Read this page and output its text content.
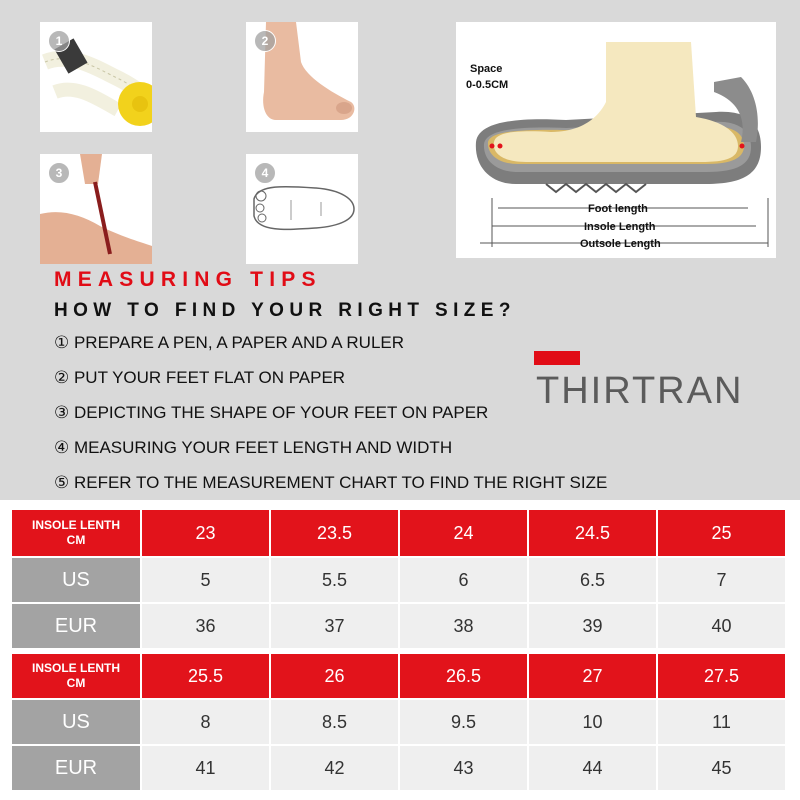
1	2
3	4
Space
0-0.5CM
Foot length
Insole Length
Outsole Length
MEASURING TIPS
HOW TO FIND YOUR RIGHT SIZE?
① PREPARE A PEN, A PAPER AND A RULER
② PUT YOUR FEET FLAT ON PAPER
③ DEPICTING THE SHAPE OF YOUR FEET ON PAPER
④ MEASURING YOUR FEET LENGTH AND WIDTH
⑤ REFER TO THE MEASUREMENT CHART TO FIND THE RIGHT SIZE
THIRTRAN
INSOLE LENTH
CM	23	23.5	24	24.5	25
US	5	5.5	6	6.5	7
EUR	36	37	38	39	40
INSOLE LENTH
CM	25.5	26	26.5	27	27.5
US	8	8.5	9.5	10	11
EUR	41	42	43	44	45
